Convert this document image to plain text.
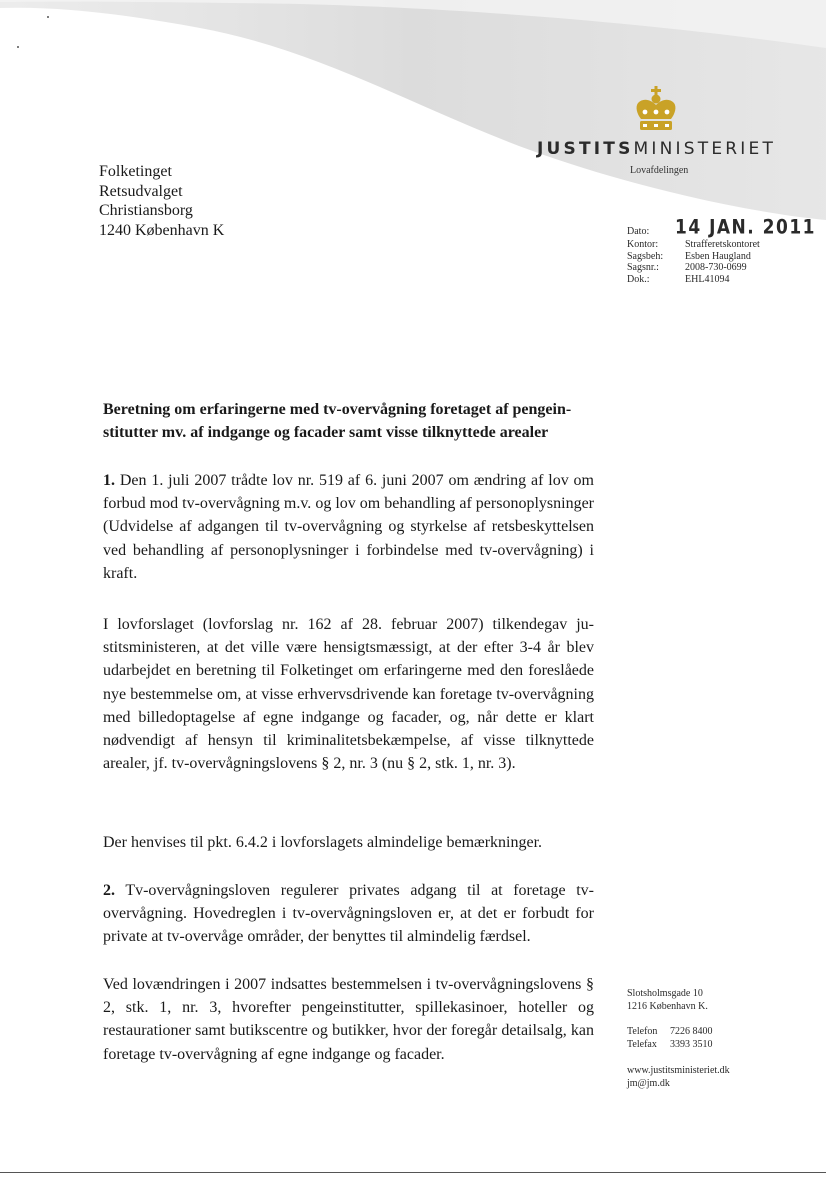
Folketinget
Retsudvalget
Christiansborg
1240 København K
JUSTITSMINISTERIET
Lovafdelingen
Dato:	14 JAN. 2011
Kontor:	Strafferetskontoret
Sagsbeh:	Esben Haugland
Sagsnr.:	2008-730-0699
Dok.:	EHL41094
Beretning om erfaringerne med tv-overvågning foretaget af pengein-
stitutter mv. af indgange og facader samt visse tilknyttede arealer
1. Den 1. juli 2007 trådte lov nr. 519 af 6. juni 2007 om ændring af lov om forbud mod tv-overvågning m.v. og lov om behandling af personoplysninger (Udvidelse af adgangen til tv-overvågning og styrkelse af retsbeskyttelsen ved behandling af personoplysninger i forbindelse med tv-overvågning) i kraft.
I lovforslaget (lovforslag nr. 162 af 28. februar 2007) tilkendegav justitsministeren, at det ville være hensigtsmæssigt, at der efter 3-4 år blev udarbejdet en beretning til Folketinget om erfaringerne med den foreslåede nye bestemmelse om, at visse erhvervsdrivende kan foretage tv-overvågning med billedoptagelse af egne indgange og facader, og, når dette er klart nødvendigt af hensyn til kriminalitetsbekæmpelse, af visse tilknyttede arealer, jf. tv-overvågningslovens § 2, nr. 3 (nu § 2, stk. 1, nr. 3).
Der henvises til pkt. 6.4.2 i lovforslagets almindelige bemærkninger.
2. Tv-overvågningsloven regulerer privates adgang til at foretage tv-overvågning. Hovedreglen i tv-overvågningsloven er, at det er forbudt for private at tv-overvåge områder, der benyttes til almindelig færdsel.
Ved lovændringen i 2007 indsattes bestemmelsen i tv-overvågningslovens § 2, stk. 1, nr. 3, hvorefter pengeinstitutter, spillekasinoer, hoteller og restaurationer samt butikscentre og butikker, hvor der foregår detailsalg, kan foretage tv-overvågning af egne indgange og facader.
Slotsholmsgade 10
1216 København K.
Telefon	7226 8400
Telefax	3393 3510
www.justitsministeriet.dk
jm@jm.dk
